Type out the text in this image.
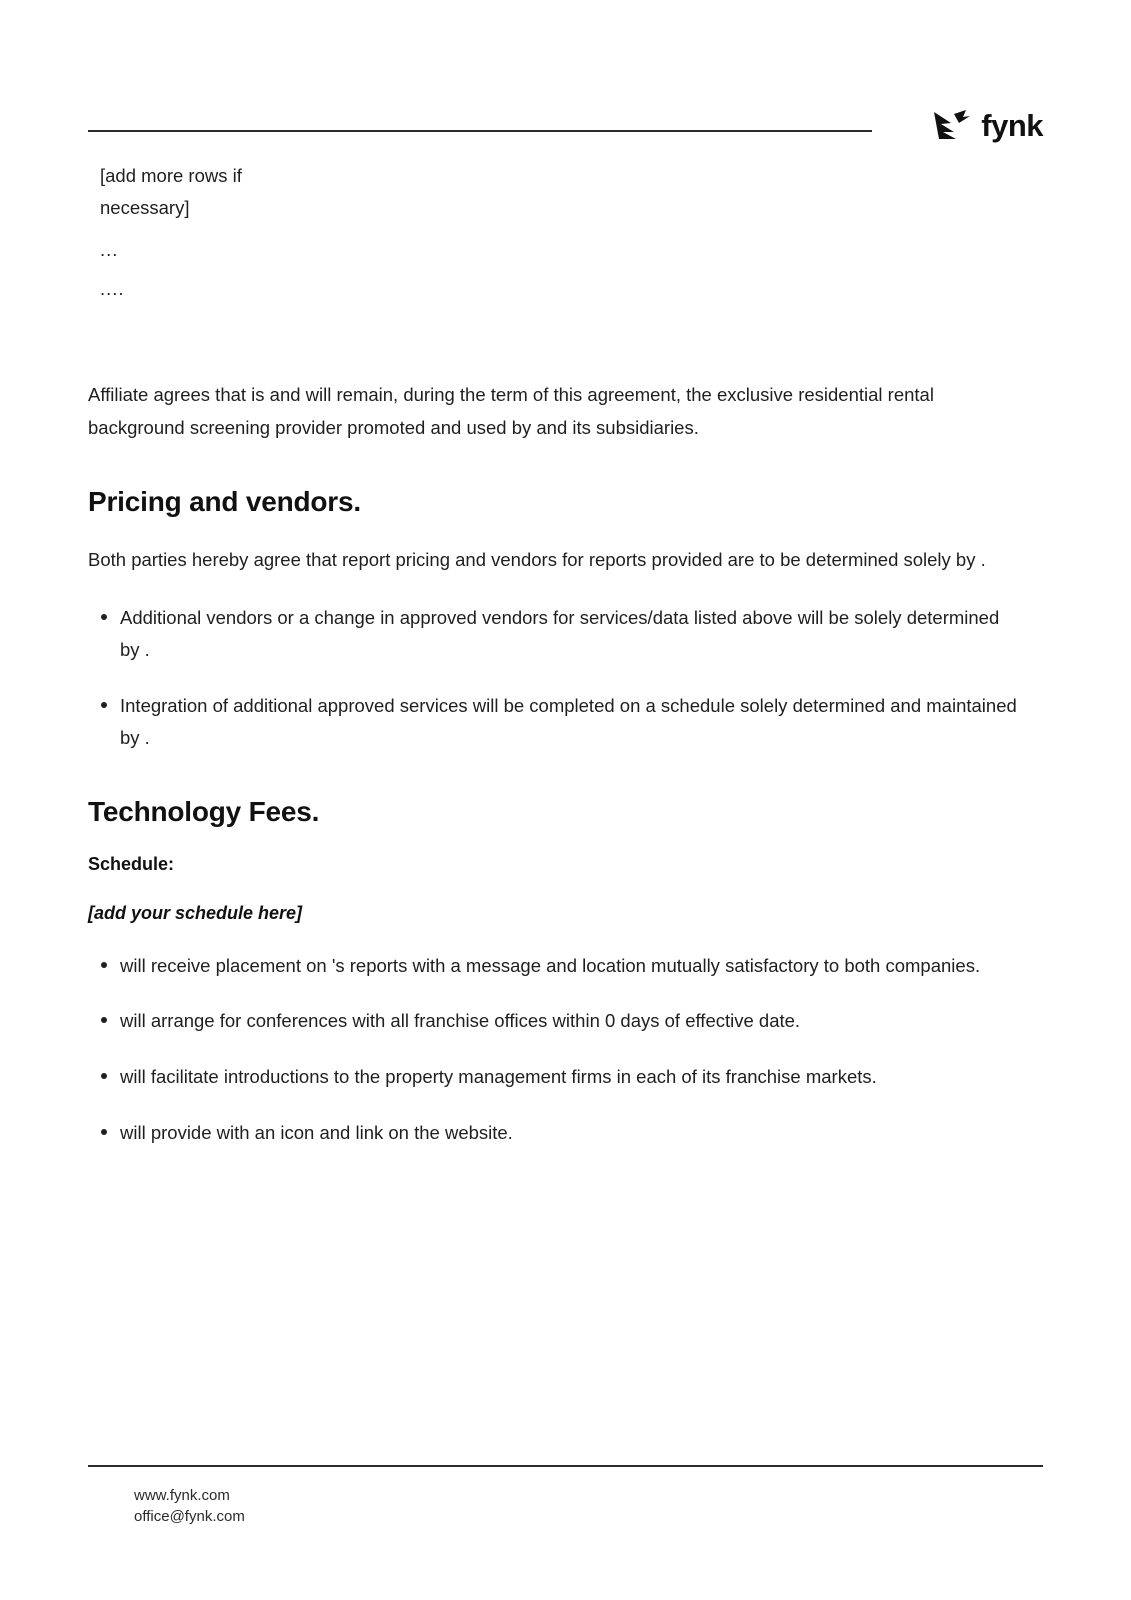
fynk

[add more rows if necessary]

...

....

Affiliate agrees that is and will remain, during the term of this agreement, the exclusive residential rental background screening provider promoted and used by and its subsidiaries.

Pricing and vendors.

Both parties hereby agree that report pricing and vendors for reports provided are to be determined solely by .

Additional vendors or a change in approved vendors for services/data listed above will be solely determined by .
Integration of additional approved services will be completed on a schedule solely determined and maintained by .
Technology Fees.

Schedule:

[add your schedule here]

will receive placement on 's reports with a message and location mutually satisfactory to both companies.
will arrange for conferences with all franchise offices within 0 days of effective date.
will facilitate introductions to the property management firms in each of its franchise markets.
will provide with an icon and link on the website.
www.fynk.com
office@fynk.com
